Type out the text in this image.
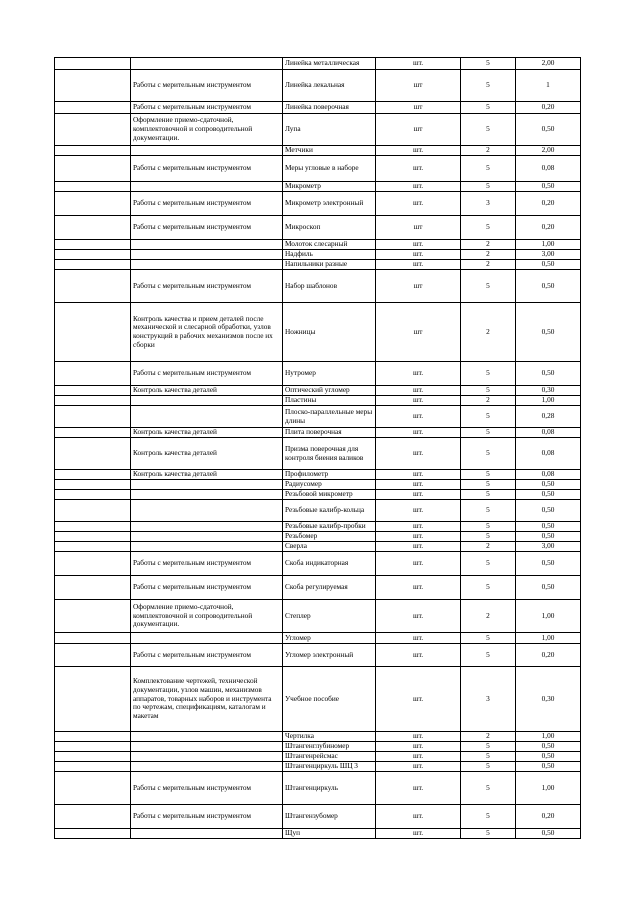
		Линейка металлическая	шт.	5	2,00
	Работы с мерительным инструментом	Линейка лекальная	шт	5	1
	Работы с мерительным инструментом	Линейка поверочная	шт	5	0,20
	Оформление приемо-сдаточной, комплектовочной и сопроводительной документации.	Лупа	шт	5	0,50
		Метчики	шт.	2	2,00
	Работы с мерительным инструментом	Меры угловые в наборе	шт.	5	0,08
		Микрометр	шт.	5	0,50
	Работы с мерительным инструментом	Микрометр электронный	шт.	3	0,20
	Работы с мерительным инструментом	Микроскоп	шт	5	0,20
		Молоток слесарный	шт.	2	1,00
		Надфиль	шт.	2	3,00
		Напильники разные	шт.	2	0,50
	Работы с мерительным инструментом	Набор шаблонов	шт	5	0,50
	Контроль качества и прием деталей после механической и слесарной обработки, узлов конструкций в рабочих механизмов после их сборки	Ножницы	шт	2	0,50
	Работы с мерительным инструментом	Нутромер	шт.	5	0,50
	Контроль качества деталей	Оптический угломер	шт.	5	0,30
		Пластины	шт.	2	1,00
		Плоско-параллельные меры длины	шт.	5	0,28
	Контроль качества деталей	Плита поверочная	шт.	5	0,08
	Контроль качества деталей	Призма поверочная для контроля биения валиков	шт.	5	0,08
	Контроль качества деталей	Профилометр	шт.	5	0,08
		Радиусомер	шт.	5	0,50
		Резьбовой микрометр	шт.	5	0,50
		Резьбовые калибр-кольца	шт.	5	0,50
		Резьбовые калибр-пробки	шт.	5	0,50
		Резьбомер	шт.	5	0,50
		Сверла	шт.	2	3,00
	Работы с мерительным инструментом	Скоба индикаторная	шт.	5	0,50
	Работы с мерительным инструментом	Скоба регулируемая	шт.	5	0,50
	Оформление приемо-сдаточной, комплектовочной и сопроводительной документации.	Степлер	шт.	2	1,00
		Угломер	шт.	5	1,00
	Работы с мерительным инструментом	Угломер электронный	шт.	5	0,20
	Комплектование чертежей, технической документации, узлов машин, механизмов аппаратов, товарных наборов и инструмента по чертежам, спецификациям, каталогам и макетам	Учебное пособие	шт.	3	0,30
		Чертилка	шт.	2	1,00
		Штангенглубиномер	шт.	5	0,50
		Штангенрейсмас	шт.	5	0,50
		Штангенциркуль ШЦ 3	шт.	5	0,50
	Работы с мерительным инструментом	Штангенциркуль	шт.	5	1,00
	Работы с мерительным инструментом	Штангензубомер	шт.	5	0,20
		Щуп	шт.	5	0,50
